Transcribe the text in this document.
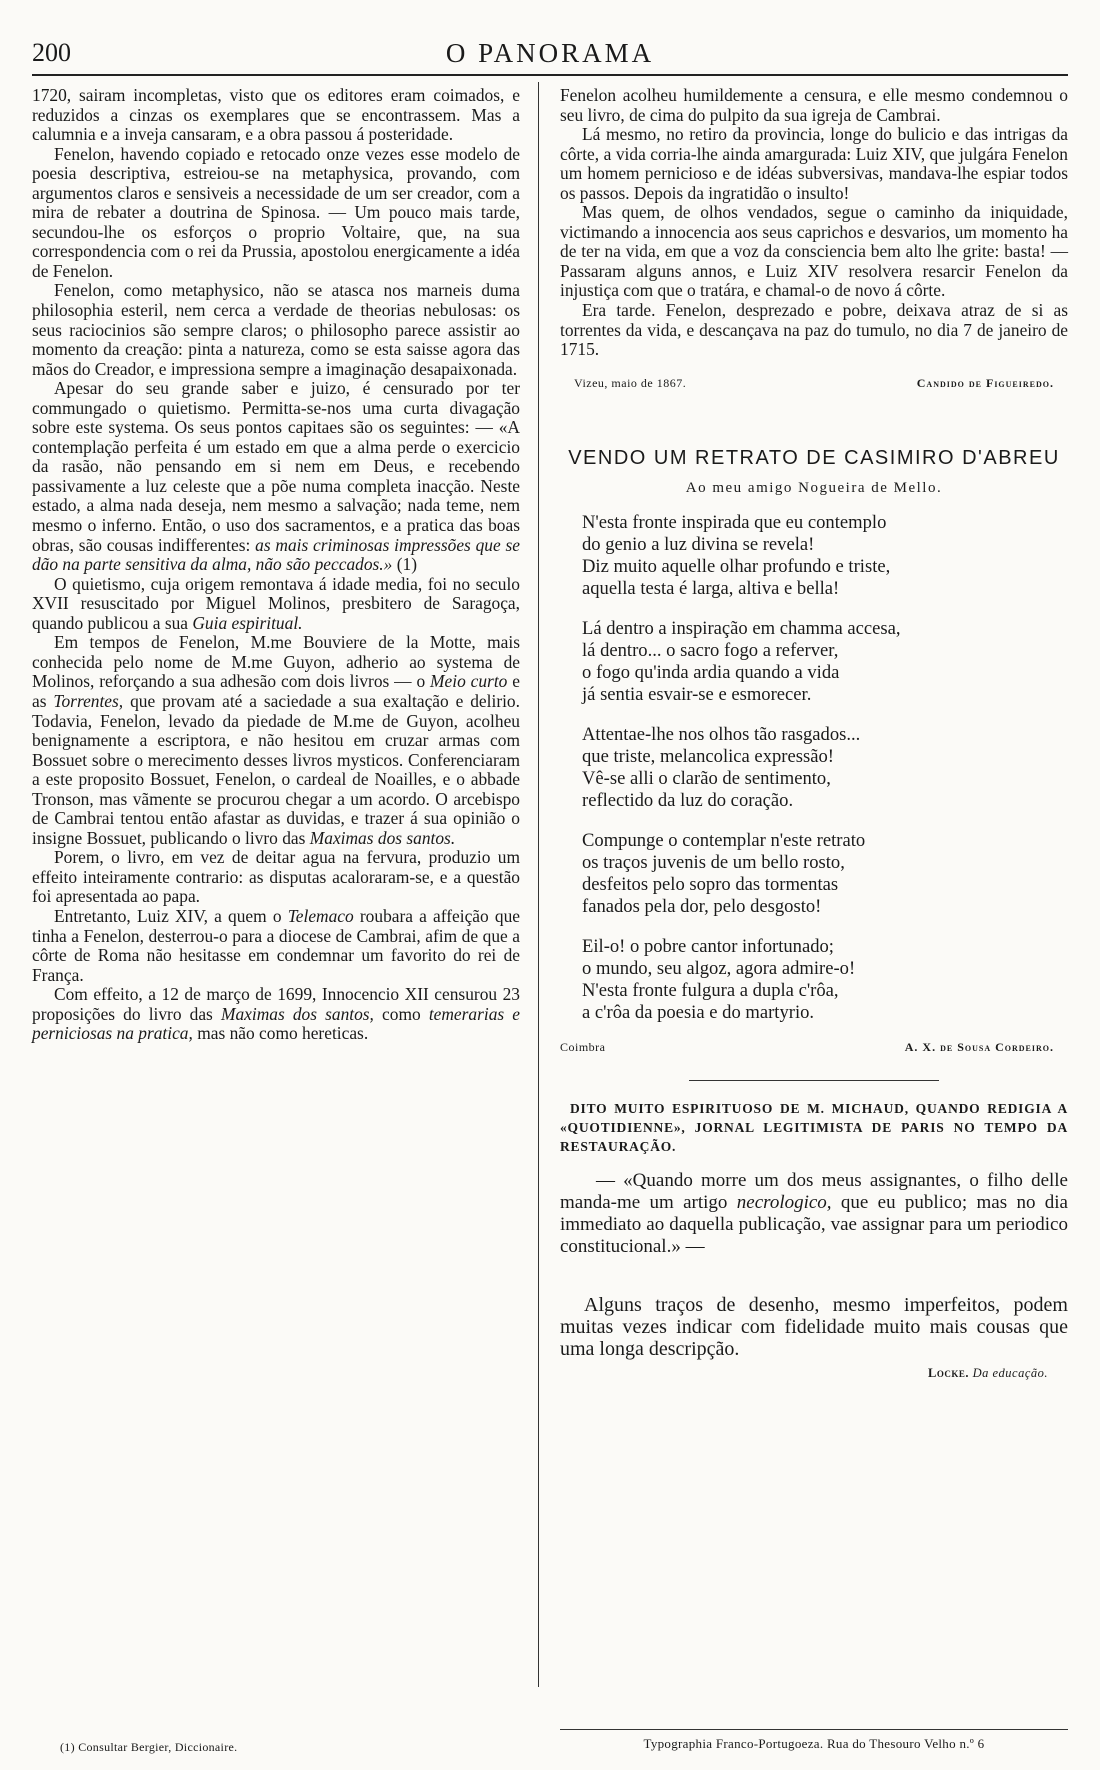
200	O PANORAMA

1720, sairam incompletas, visto que os editores eram coimados, e reduzidos a cinzas os exemplares que se encontrassem. Mas a calumnia e a inveja cansaram, e a obra passou á posteridade.

Fenelon, havendo copiado e retocado onze vezes esse modelo de poesia descriptiva, estreiou-se na metaphysica, provando, com argumentos claros e sensiveis a necessidade de um ser creador, com a mira de rebater a doutrina de Spinosa. — Um pouco mais tarde, secundou-lhe os esforços o proprio Voltaire, que, na sua correspondencia com o rei da Prussia, apostolou energicamente a idéa de Fenelon.

Fenelon, como metaphysico, não se atasca nos marneis duma philosophia esteril, nem cerca a verdade de theorias nebulosas: os seus raciocinios são sempre claros; o philosopho parece assistir ao momento da creação: pinta a natureza, como se esta saisse agora das mãos do Creador, e impressiona sempre a imaginação desapaixonada.

Apesar do seu grande saber e juizo, é censurado por ter commungado o quietismo. Permitta-se-nos uma curta divagação sobre este systema. Os seus pontos capitaes são os seguintes: — «A contemplação perfeita é um estado em que a alma perde o exercicio da rasão, não pensando em si nem em Deus, e recebendo passivamente a luz celeste que a põe numa completa inacção. Neste estado, a alma nada deseja, nem mesmo a salvação; nada teme, nem mesmo o inferno. Então, o uso dos sacramentos, e a pratica das boas obras, são cousas indifferentes: as mais criminosas impressões que se dão na parte sensitiva da alma, não são peccados.» (1)

O quietismo, cuja origem remontava á idade media, foi no seculo XVII resuscitado por Miguel Molinos, presbitero de Saragoça, quando publicou a sua Guia espiritual.

Em tempos de Fenelon, M.me Bouviere de la Motte, mais conhecida pelo nome de M.me Guyon, adherio ao systema de Molinos, reforçando a sua adhesão com dois livros — o Meio curto e as Torrentes, que provam até a saciedade a sua exaltação e delirio. Todavia, Fenelon, levado da piedade de M.me de Guyon, acolheu benignamente a escriptora, e não hesitou em cruzar armas com Bossuet sobre o merecimento desses livros mysticos. Conferenciaram a este proposito Bossuet, Fenelon, o cardeal de Noailles, e o abbade Tronson, mas vãmente se procurou chegar a um acordo. O arcebispo de Cambrai tentou então afastar as duvidas, e trazer á sua opinião o insigne Bossuet, publicando o livro das Maximas dos santos.

Porem, o livro, em vez de deitar agua na fervura, produzio um effeito inteiramente contrario: as disputas acaloraram-se, e a questão foi apresentada ao papa.

Entretanto, Luiz XIV, a quem o Telemaco roubara a affeição que tinha a Fenelon, desterrou-o para a diocese de Cambrai, afim de que a côrte de Roma não hesitasse em condemnar um favorito do rei de França.

Com effeito, a 12 de março de 1699, Innocencio XII censurou 23 proposições do livro das Maximas dos santos, como temerarias e perniciosas na pratica, mas não como hereticas.

Fenelon acolheu humildemente a censura, e elle mesmo condemnou o seu livro, de cima do pulpito da sua igreja de Cambrai.

Lá mesmo, no retiro da provincia, longe do bulicio e das intrigas da côrte, a vida corria-lhe ainda amargurada: Luiz XIV, que julgára Fenelon um homem pernicioso e de idéas subversivas, mandava-lhe espiar todos os passos. Depois da ingratidão o insulto!

Mas quem, de olhos vendados, segue o caminho da iniquidade, victimando a innocencia aos seus caprichos e desvarios, um momento ha de ter na vida, em que a voz da consciencia bem alto lhe grite: basta! — Passaram alguns annos, e Luiz XIV resolvera resarcir Fenelon da injustiça com que o tratára, e chamal-o de novo á côrte.

Era tarde. Fenelon, desprezado e pobre, deixava atraz de si as torrentes da vida, e descançava na paz do tumulo, no dia 7 de janeiro de 1715.

Vizeu, maio de 1867.	Candido de Figueiredo.
VENDO UM RETRATO DE CASIMIRO D'ABREU
Ao meu amigo Nogueira de Mello.
N'esta fronte inspirada que eu contemplo
do genio a luz divina se revela!
Diz muito aquelle olhar profundo e triste,
aquella testa é larga, altiva e bella!
Lá dentro a inspiração em chamma accesa,
lá dentro... o sacro fogo a referver,
o fogo qu'inda ardia quando a vida
já sentia esvair-se e esmorecer.
Attentae-lhe nos olhos tão rasgados...
que triste, melancolica expressão!
Vê-se alli o clarão de sentimento,
reflectido da luz do coração.
Compunge o contemplar n'este retrato
os traços juvenis de um bello rosto,
desfeitos pelo sopro das tormentas
fanados pela dor, pelo desgosto!
Eil-o! o pobre cantor infortunado;
o mundo, seu algoz, agora admire-o!
N'esta fronte fulgura a dupla c'rôa,
a c'rôa da poesia e do martyrio.
Coimbra	A. X. de Sousa Cordeiro.
DITO MUITO ESPIRITUOSO DE M. MICHAUD, QUANDO REDIGIA A «QUOTIDIENNE», JORNAL LEGITIMISTA DE PARIS NO TEMPO DA RESTAURAÇÃO.

— «Quando morre um dos meus assignantes, o filho delle manda-me um artigo necrologico, que eu publico; mas no dia immediato ao daquella publicação, vae assignar para um periodico constitucional.» —

Alguns traços de desenho, mesmo imperfeitos, podem muitas vezes indicar com fidelidade muito mais cousas que uma longa descripção.

Locke. Da educação.
(1) Consultar Bergier, Diccionaire.	Typographia Franco-Portugoeza. Rua do Thesouro Velho n.º 6
